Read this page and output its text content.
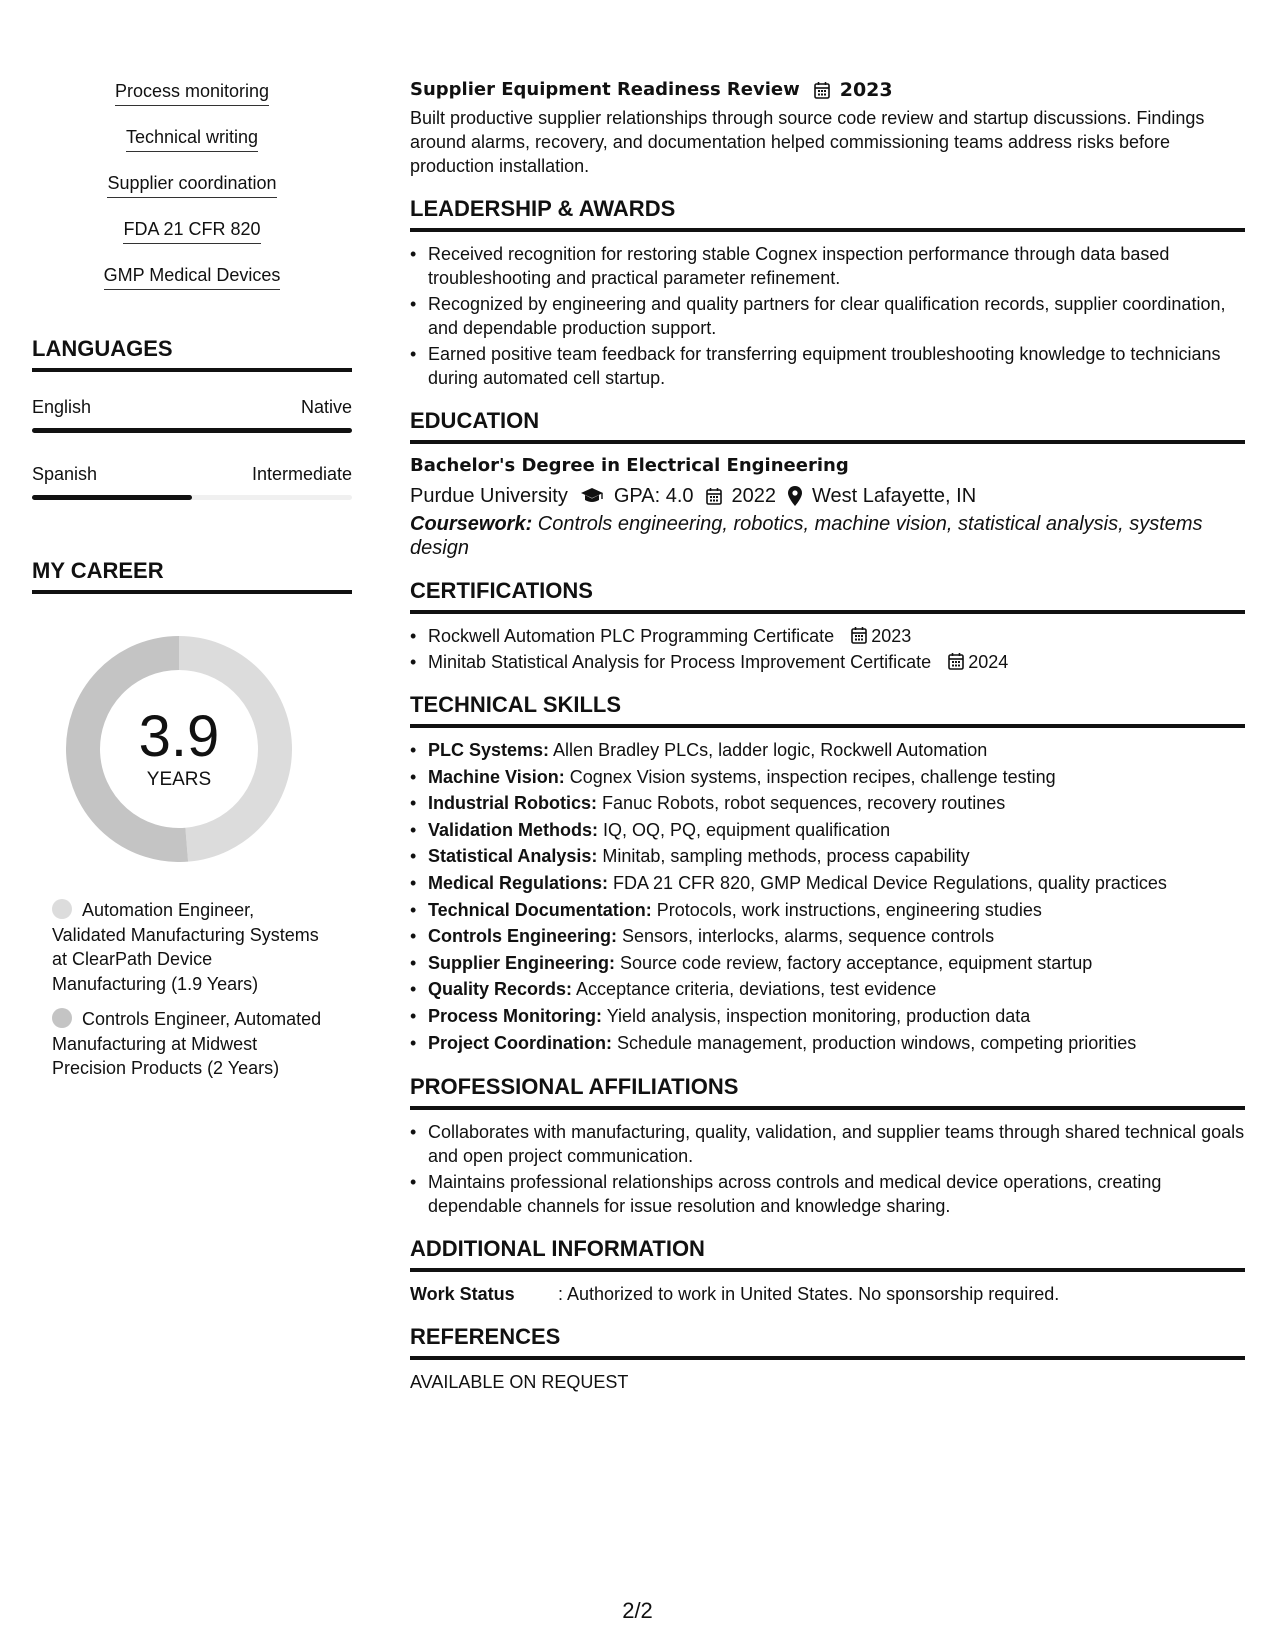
Process monitoring
Technical writing
Supplier coordination
FDA 21 CFR 820
GMP Medical Devices
LANGUAGES
English	Native
Spanish	Intermediate
MY CAREER
3.9
YEARS
Automation Engineer, Validated Manufacturing Systems at ClearPath Device Manufacturing (1.9 Years)
Controls Engineer, Automated Manufacturing at Midwest Precision Products (2 Years)
Supplier Equipment Readiness Review 2023

Built productive supplier relationships through source code review and startup discussions. Findings around alarms, recovery, and documentation helped commissioning teams address risks before production installation.

LEADERSHIP & AWARDS
• Received recognition for restoring stable Cognex inspection performance through data based troubleshooting and practical parameter refinement.
• Recognized by engineering and quality partners for clear qualification records, supplier coordination, and dependable production support.
• Earned positive team feedback for transferring equipment troubleshooting knowledge to technicians during automated cell startup.
EDUCATION
Bachelor's Degree in Electrical Engineering
Purdue University GPA: 4.0 2022 West Lafayette, IN
Coursework: Controls engineering, robotics, machine vision, statistical analysis, systems design
CERTIFICATIONS
• Rockwell Automation PLC Programming Certificate 2023
• Minitab Statistical Analysis for Process Improvement Certificate 2024
TECHNICAL SKILLS
• PLC Systems: Allen Bradley PLCs, ladder logic, Rockwell Automation
• Machine Vision: Cognex Vision systems, inspection recipes, challenge testing
• Industrial Robotics: Fanuc Robots, robot sequences, recovery routines
• Validation Methods: IQ, OQ, PQ, equipment qualification
• Statistical Analysis: Minitab, sampling methods, process capability
• Medical Regulations: FDA 21 CFR 820, GMP Medical Device Regulations, quality practices
• Technical Documentation: Protocols, work instructions, engineering studies
• Controls Engineering: Sensors, interlocks, alarms, sequence controls
• Supplier Engineering: Source code review, factory acceptance, equipment startup
• Quality Records: Acceptance criteria, deviations, test evidence
• Process Monitoring: Yield analysis, inspection monitoring, production data
• Project Coordination: Schedule management, production windows, competing priorities
PROFESSIONAL AFFILIATIONS
• Collaborates with manufacturing, quality, validation, and supplier teams through shared technical goals and open project communication.
• Maintains professional relationships across controls and medical device operations, creating dependable channels for issue resolution and knowledge sharing.
ADDITIONAL INFORMATION
Work Status	: Authorized to work in United States. No sponsorship required.
REFERENCES
AVAILABLE ON REQUEST
2/2
